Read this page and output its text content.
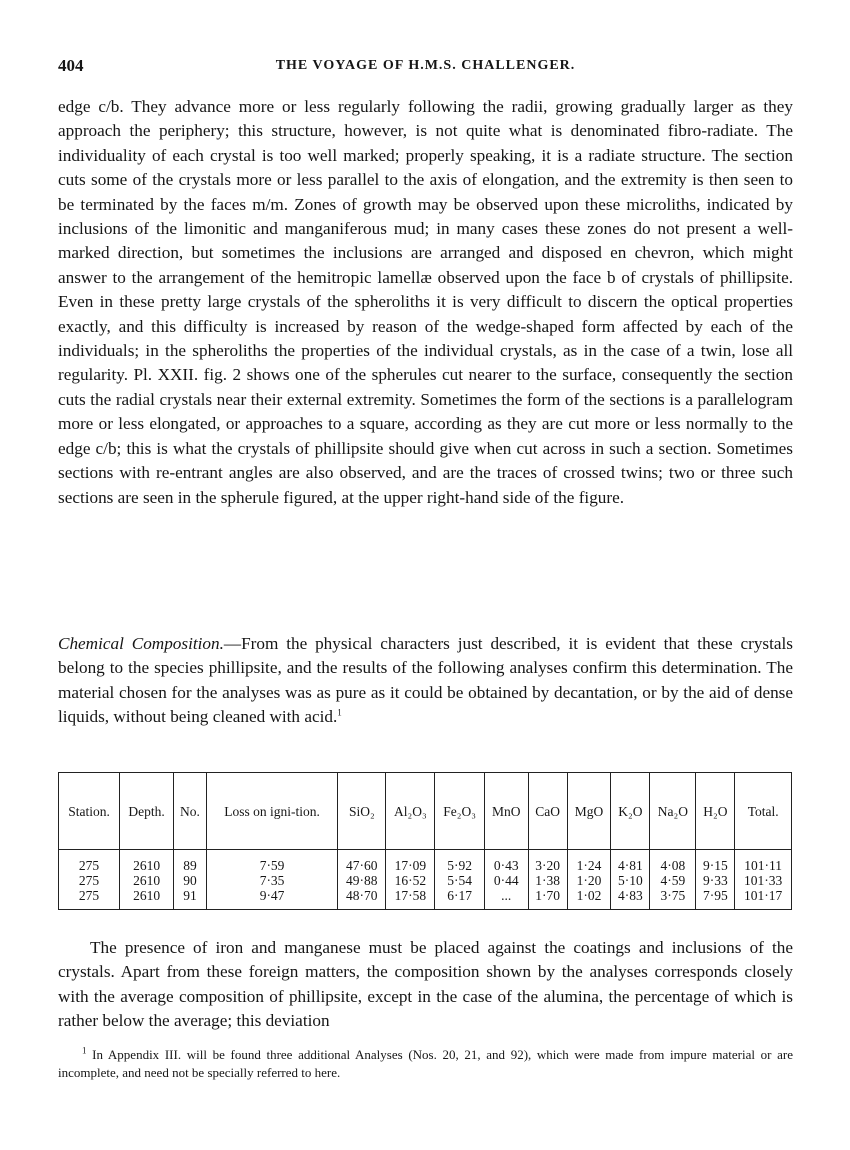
404	THE VOYAGE OF H.M.S. CHALLENGER.

edge c/b. They advance more or less regularly following the radii, growing gradually larger as they approach the periphery; this structure, however, is not quite what is denominated fibro-radiate. The individuality of each crystal is too well marked; properly speaking, it is a radiate structure. The section cuts some of the crystals more or less parallel to the axis of elongation, and the extremity is then seen to be terminated by the faces m/m. Zones of growth may be observed upon these microliths, indicated by inclusions of the limonitic and manganiferous mud; in many cases these zones do not present a well-marked direction, but sometimes the inclusions are arranged and disposed en chevron, which might answer to the arrangement of the hemitropic lamellæ observed upon the face b of crystals of phillipsite. Even in these pretty large crystals of the spheroliths it is very difficult to discern the optical properties exactly, and this difficulty is increased by reason of the wedge-shaped form affected by each of the individuals; in the spheroliths the properties of the individual crystals, as in the case of a twin, lose all regularity. Pl. XXII. fig. 2 shows one of the spherules cut nearer to the surface, consequently the section cuts the radial crystals near their external extremity. Sometimes the form of the sections is a parallelogram more or less elongated, or approaches to a square, according as they are cut more or less normally to the edge c/b; this is what the crystals of phillipsite should give when cut across in such a section. Sometimes sections with re-entrant angles are also observed, and are the traces of crossed twins; two or three such sections are seen in the spherule figured, at the upper right-hand side of the figure.

Chemical Composition.—From the physical characters just described, it is evident that these crystals belong to the species phillipsite, and the results of the following analyses confirm this determination. The material chosen for the analyses was as pure as it could be obtained by decantation, or by the aid of dense liquids, without being cleaned with acid.$^1$

Station.	Depth.	No.	Loss on igni-tion.	SiO₂	Al₂O₃	Fe₂O₃	MnO	CaO	MgO	K₂O	Na₂O	H₂O	Total.
275	2610	89	7·59	47·60	17·09	5·92	0·43	3·20	1·24	4·81	4·08	9·15	101·11
275	2610	90	7·35	49·88	16·52	5·54	0·44	1·38	1·20	5·10	4·59	9·33	101·33
275	2610	91	9·47	48·70	17·58	6·17	...	1·70	1·02	4·83	3·75	7·95	101·17

The presence of iron and manganese must be placed against the coatings and inclusions of the crystals. Apart from these foreign matters, the composition shown by the analyses corresponds closely with the average composition of phillipsite, except in the case of the alumina, the percentage of which is rather below the average; this deviation

$^1$ In Appendix III. will be found three additional Analyses (Nos. 20, 21, and 92), which were made from impure material or are incomplete, and need not be specially referred to here.
